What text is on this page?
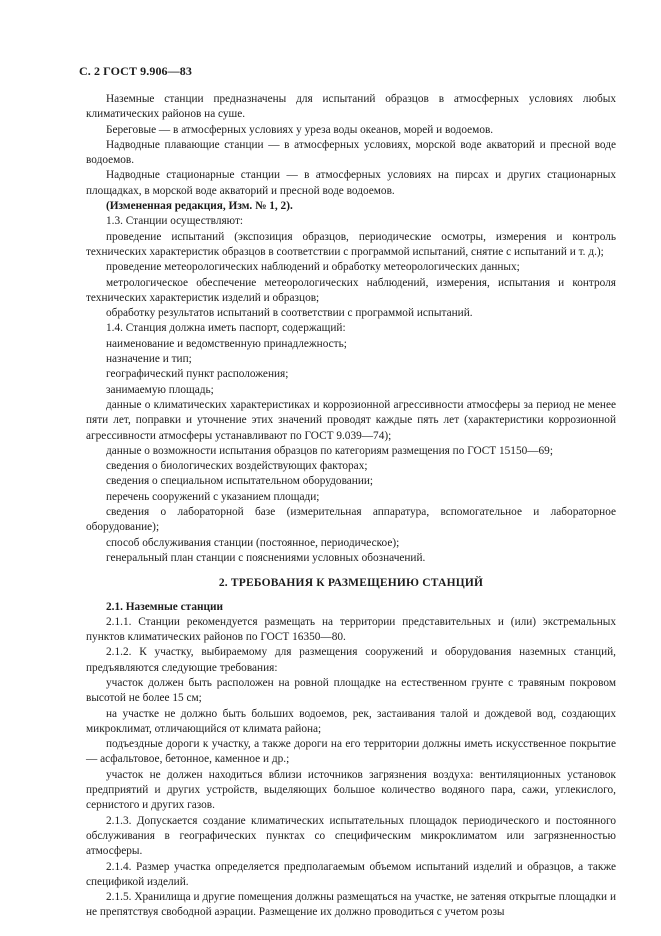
С. 2 ГОСТ 9.906—83

Наземные станции предназначены для испытаний образцов в атмосферных условиях любых климатических районов на суше.

Береговые — в атмосферных условиях у уреза воды океанов, морей и водоемов.

Надводные плавающие станции — в атмосферных условиях, морской воде акваторий и пресной воде водоемов.

Надводные стационарные станции — в атмосферных условиях на пирсах и других стационарных площадках, в морской воде акваторий и пресной воде водоемов.

(Измененная редакция, Изм. № 1, 2).

1.3. Станции осуществляют:

проведение испытаний (экспозиция образцов, периодические осмотры, измерения и контроль технических характеристик образцов в соответствии с программой испытаний, снятие с испытаний и т. д.);

проведение метеорологических наблюдений и обработку метеорологических данных;

метрологическое обеспечение метеорологических наблюдений, измерения, испытания и контроля технических характеристик изделий и образцов;

обработку результатов испытаний в соответствии с программой испытаний.

1.4. Станция должна иметь паспорт, содержащий:

наименование и ведомственную принадлежность;

назначение и тип;

географический пункт расположения;

занимаемую площадь;

данные о климатических характеристиках и коррозионной агрессивности атмосферы за период не менее пяти лет, поправки и уточнение этих значений проводят каждые пять лет (характеристики коррозионной агрессивности атмосферы устанавливают по ГОСТ 9.039—74);

данные о возможности испытания образцов по категориям размещения по ГОСТ 15150—69;

сведения о биологических воздействующих факторах;

сведения о специальном испытательном оборудовании;

перечень сооружений с указанием площади;

сведения о лабораторной базе (измерительная аппаратура, вспомогательное и лабораторное оборудование);

способ обслуживания станции (постоянное, периодическое);

генеральный план станции с пояснениями условных обозначений.

2. ТРЕБОВАНИЯ К РАЗМЕЩЕНИЮ СТАНЦИЙ
2.1. Наземные станции

2.1.1. Станции рекомендуется размещать на территории представительных и (или) экстремальных пунктов климатических районов по ГОСТ 16350—80.

2.1.2. К участку, выбираемому для размещения сооружений и оборудования наземных станций, предъявляются следующие требования:

участок должен быть расположен на ровной площадке на естественном грунте с травяным покровом высотой не более 15 см;

на участке не должно быть больших водоемов, рек, застаивания талой и дождевой вод, создающих микроклимат, отличающийся от климата района;

подъездные дороги к участку, а также дороги на его территории должны иметь искусственное покрытие — асфальтовое, бетонное, каменное и др.;

участок не должен находиться вблизи источников загрязнения воздуха: вентиляционных установок предприятий и других устройств, выделяющих большое количество водяного пара, сажи, углекислого, сернистого и других газов.

2.1.3. Допускается создание климатических испытательных площадок периодического и постоянного обслуживания в географических пунктах со специфическим микроклиматом или загрязненностью атмосферы.

2.1.4. Размер участка определяется предполагаемым объемом испытаний изделий и образцов, а также спецификой изделий.

2.1.5. Хранилища и другие помещения должны размещаться на участке, не затеняя открытые площадки и не препятствуя свободной аэрации. Размещение их должно проводиться с учетом розы
